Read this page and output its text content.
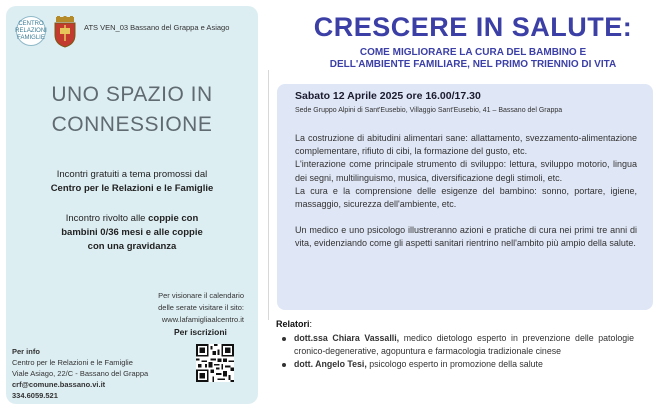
CENTRO RELAZIONI FAMIGLIE
ATS VEN_03 Bassano del Grappa e Asiago
UNO SPAZIO IN
CONNESSIONE
Incontri gratuiti a tema promossi dal
Centro per le Relazioni e le Famiglie
Incontro rivolto alle coppie con
bambini 0/36 mesi e alle coppie
con una gravidanza
Per visionare il calendario
delle serate visitare il sito:
www.lafamigliaalcentro.it
Per iscrizioni
Per info
Centro per le Relazioni e le Famiglie
Viale Asiago, 22/C - Bassano del Grappa
crf@comune.bassano.vi.it
334.6059.521
CRESCERE IN SALUTE:
COME MIGLIORARE LA CURA DEL BAMBINO E
DELL'AMBIENTE FAMILIARE, NEL PRIMO TRIENNIO DI VITA
Sabato 12 Aprile 2025 ore 16.00/17.30
Sede Gruppo Alpini di Sant'Eusebio, Villaggio Sant'Eusebio, 41 – Bassano del Grappa

La costruzione di abitudini alimentari sane: allattamento, svezzamento-alimentazione complementare, rifiuto di cibi, la formazione del gusto, etc.

L'interazione come principale strumento di sviluppo: lettura, sviluppo motorio, lingua dei segni, multilinguismo, musica, diversificazione degli stimoli, etc.

La cura e la comprensione delle esigenze del bambino: sonno, portare, igiene, massaggio, sicurezza dell'ambiente, etc.

Un medico e uno psicologo illustreranno azioni e pratiche di cura nei primi tre anni di vita, evidenziando come gli aspetti sanitari rientrino nell'ambito più ampio della salute.

Relatori:
dott.ssa Chiara Vassalli, medico dietologo esperto in prevenzione delle patologie cronico-degenerative, agopuntura e farmacologia tradizionale cinese
dott. Angelo Tesi, psicologo esperto in promozione della salute
